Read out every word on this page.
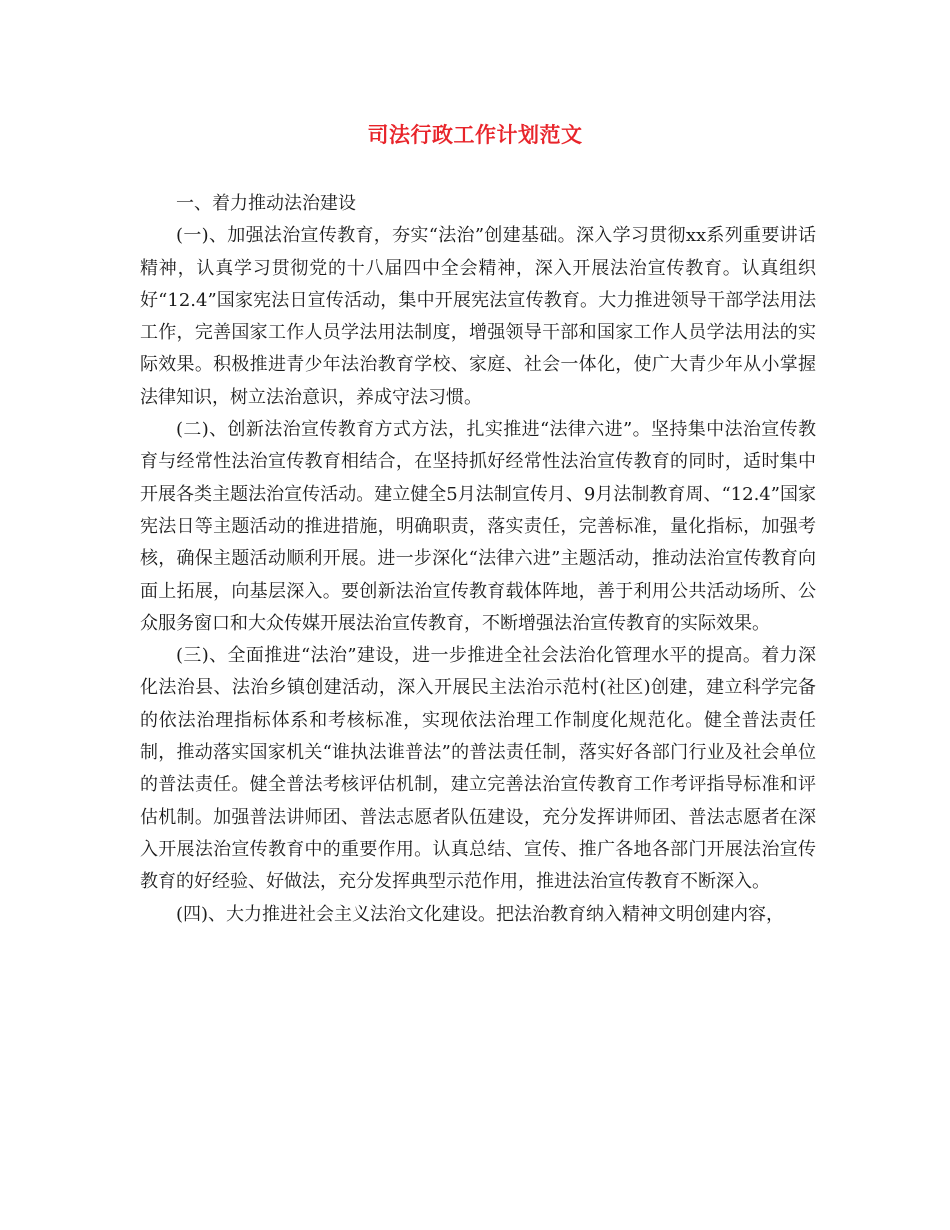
司法行政工作计划范文

一、着力推动法治建设

(一)、加强法治宣传教育，夯实“法治”创建基础。深入学习贯彻xx系列重要讲话精神，认真学习贯彻党的十八届四中全会精神，深入开展法治宣传教育。认真组织好“12.4”国家宪法日宣传活动，集中开展宪法宣传教育。大力推进领导干部学法用法工作，完善国家工作人员学法用法制度，增强领导干部和国家工作人员学法用法的实际效果。积极推进青少年法治教育学校、家庭、社会一体化，使广大青少年从小掌握法律知识，树立法治意识，养成守法习惯。

(二)、创新法治宣传教育方式方法，扎实推进“法律六进”。坚持集中法治宣传教育与经常性法治宣传教育相结合，在坚持抓好经常性法治宣传教育的同时，适时集中开展各类主题法治宣传活动。建立健全5月法制宣传月、9月法制教育周、“12.4”国家宪法日等主题活动的推进措施，明确职责，落实责任，完善标准，量化指标，加强考核，确保主题活动顺利开展。进一步深化“法律六进”主题活动，推动法治宣传教育向面上拓展，向基层深入。要创新法治宣传教育载体阵地，善于利用公共活动场所、公众服务窗口和大众传媒开展法治宣传教育，不断增强法治宣传教育的实际效果。

(三)、全面推进“法治”建设，进一步推进全社会法治化管理水平的提高。着力深化法治县、法治乡镇创建活动，深入开展民主法治示范村(社区)创建，建立科学完备的依法治理指标体系和考核标准，实现依法治理工作制度化规范化。健全普法责任制，推动落实国家机关“谁执法谁普法”的普法责任制，落实好各部门行业及社会单位的普法责任。健全普法考核评估机制，建立完善法治宣传教育工作考评指导标准和评估机制。加强普法讲师团、普法志愿者队伍建设，充分发挥讲师团、普法志愿者在深入开展法治宣传教育中的重要作用。认真总结、宣传、推广各地各部门开展法治宣传教育的好经验、好做法，充分发挥典型示范作用，推进法治宣传教育不断深入。

(四)、大力推进社会主义法治文化建设。把法治教育纳入精神文明创建内容，
